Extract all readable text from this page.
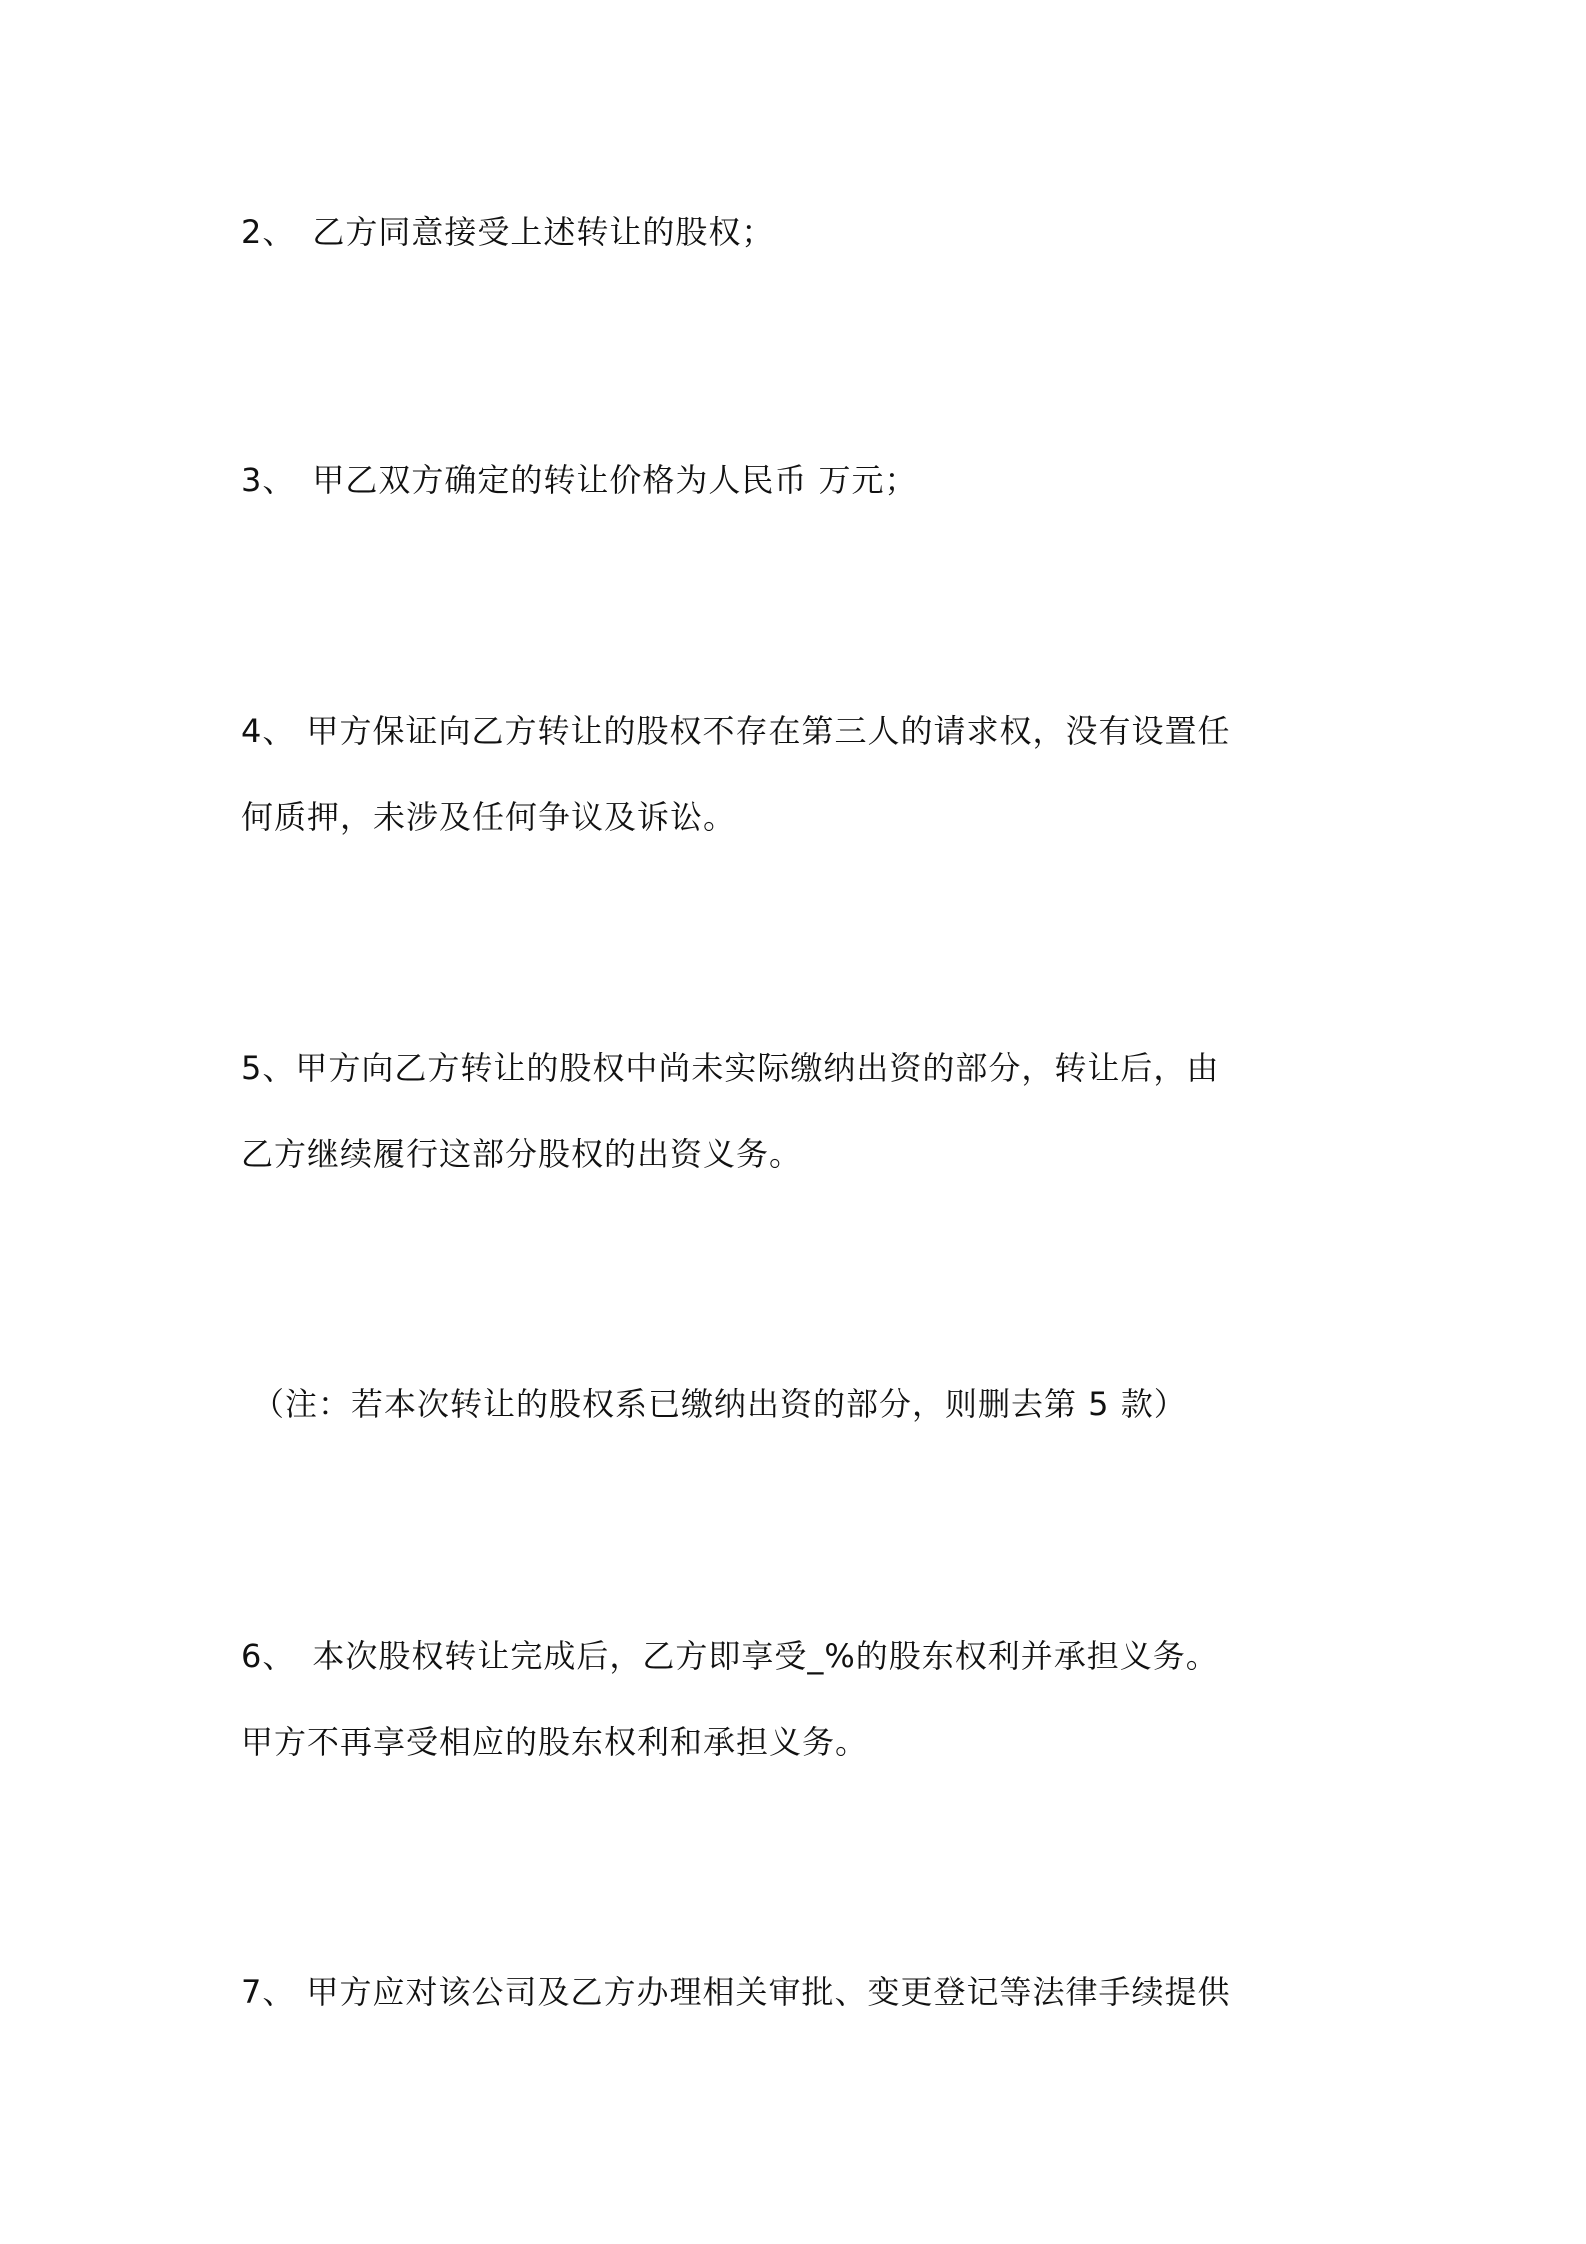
2、　乙方同意接受上述转让的股权；
3、　甲乙双方确定的转让价格为人民币 万元；
4、 甲方保证向乙方转让的股权不存在第三人的请求权，没有设置任
何质押，未涉及任何争议及诉讼。
5、甲方向乙方转让的股权中尚未实际缴纳出资的部分，转让后，由
乙方继续履行这部分股权的出资义务。
（注：若本次转让的股权系已缴纳出资的部分，则删去第 5 款）
6、　本次股权转让完成后，乙方即享受_%的股东权利并承担义务。
甲方不再享受相应的股东权利和承担义务。
7、 甲方应对该公司及乙方办理相关审批、变更登记等法律手续提供
